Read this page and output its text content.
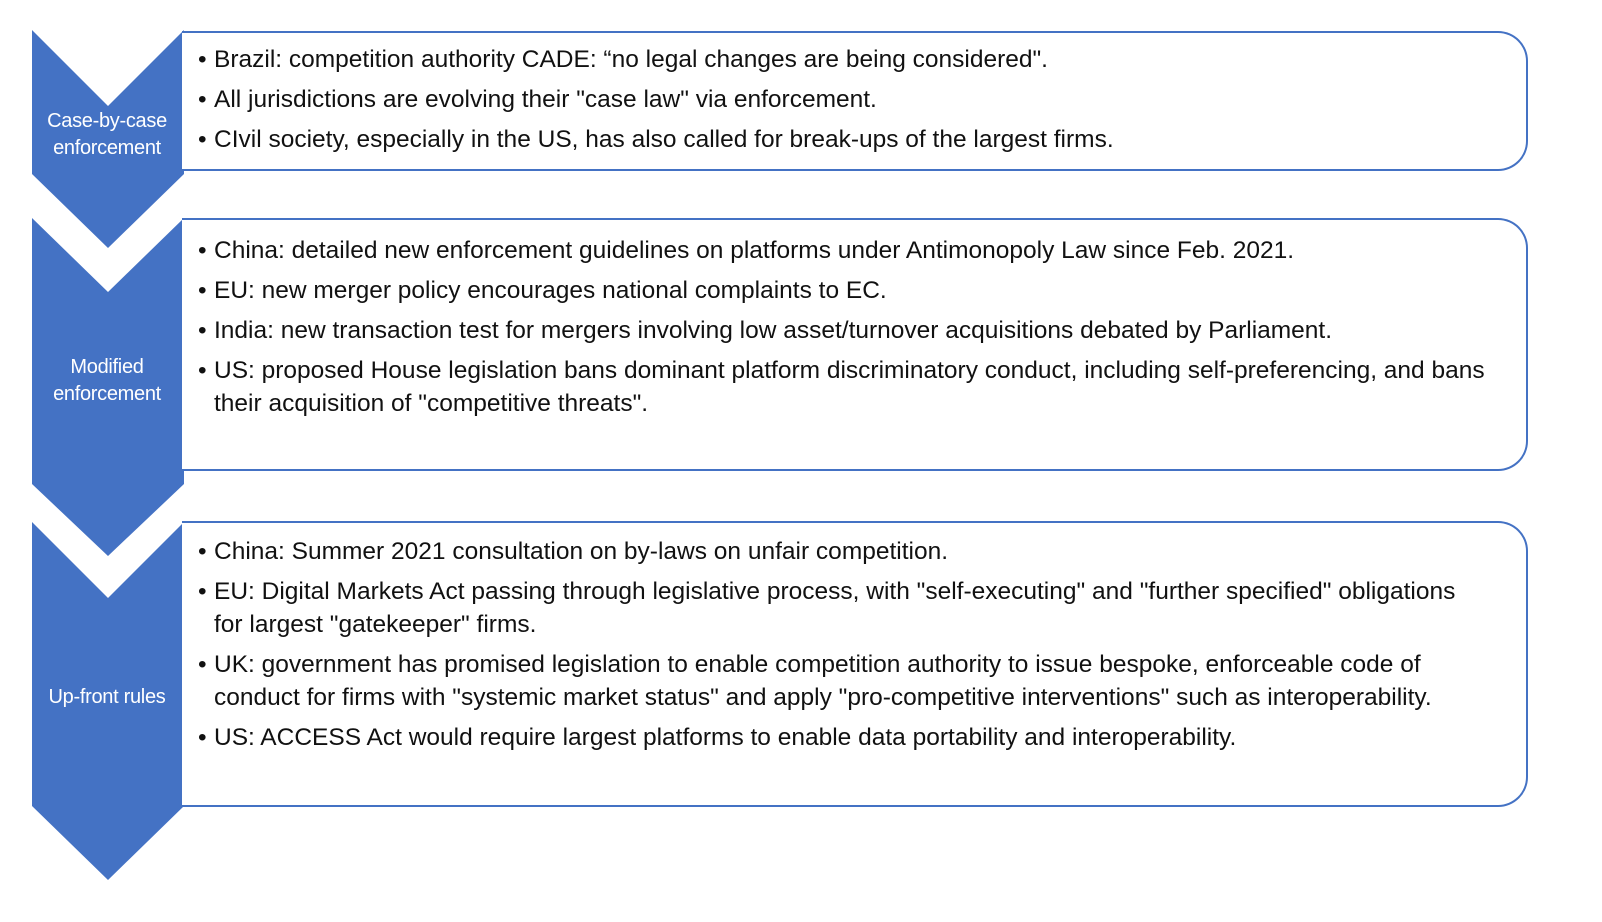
Case-by-case enforcement
Modified enforcement
Up-front rules
• Brazil: competition authority CADE: “no legal changes are being considered".
• All jurisdictions are evolving their "case law" via enforcement.
• CIvil society, especially in the US, has also called for break-ups of the largest firms.
• China: detailed new enforcement guidelines on platforms under Antimonopoly Law since Feb. 2021.
• EU: new merger policy encourages national complaints to EC.
• India: new transaction test for mergers involving low asset/turnover acquisitions debated by Parliament.
• US: proposed House legislation bans dominant platform discriminatory conduct, including self-preferencing, and bans their acquisition of "competitive threats".
• China: Summer 2021 consultation on by-laws on unfair competition.
• EU: Digital Markets Act passing through legislative process, with "self-executing" and "further specified" obligations for largest "gatekeeper" firms.
• UK: government has promised legislation to enable competition authority to issue bespoke, enforceable code of conduct for firms with "systemic market status" and apply "pro-competitive interventions" such as interoperability.
• US: ACCESS Act would require largest platforms to enable data portability and interoperability.
